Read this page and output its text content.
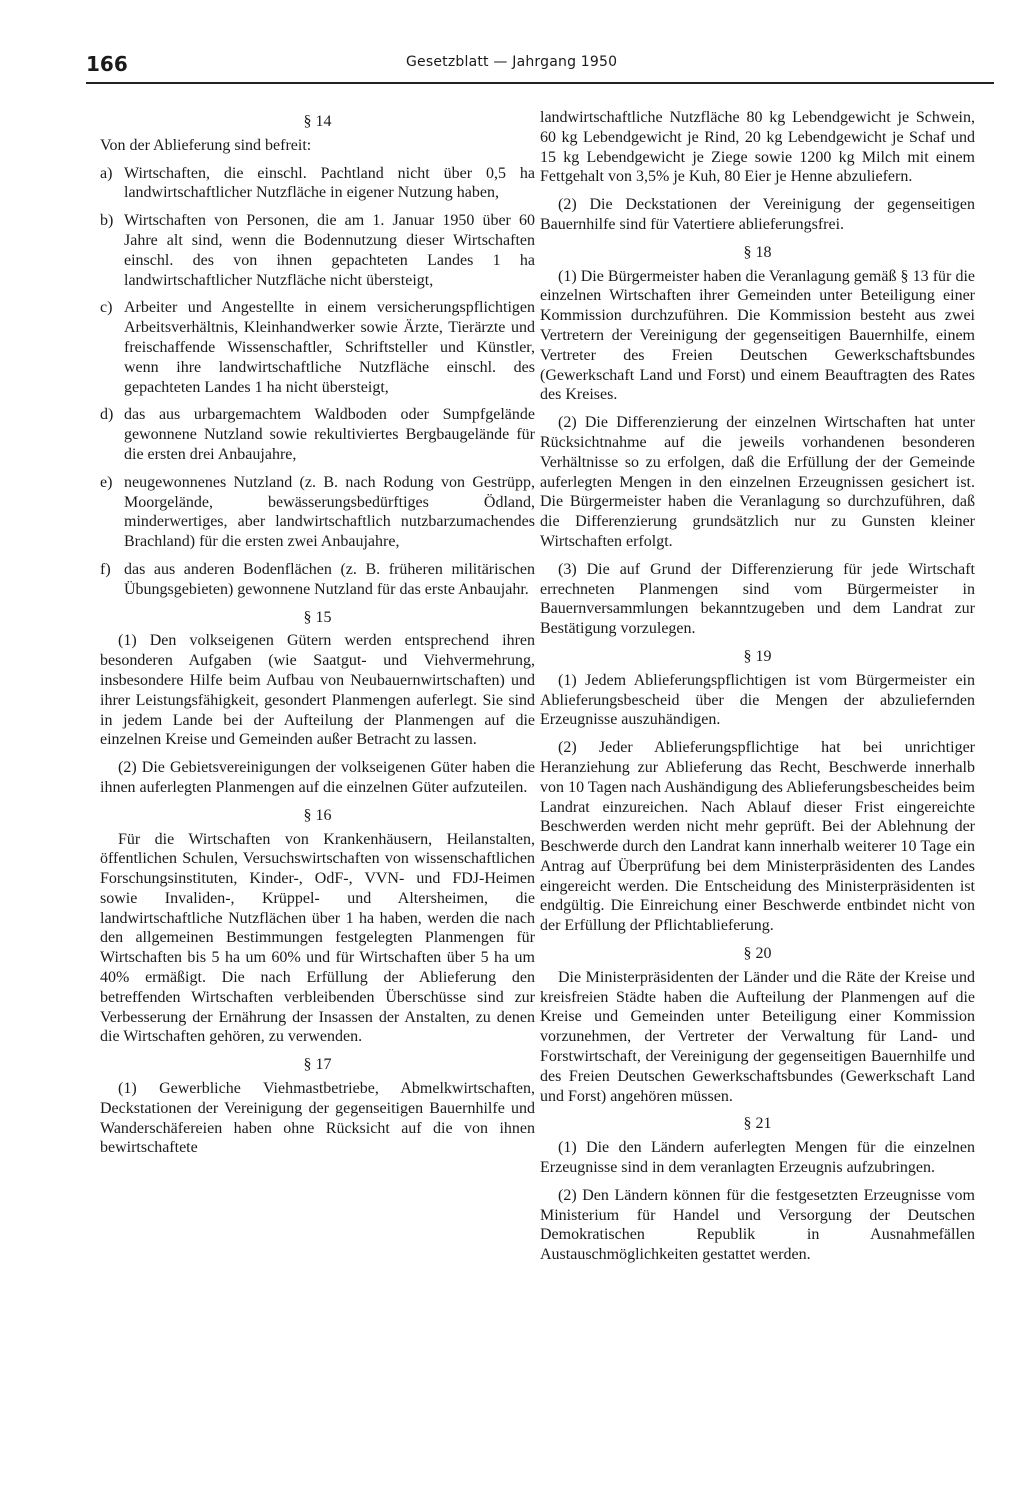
166	Gesetzblatt — Jahrgang 1950
§ 14
Von der Ablieferung sind befreit:
a) Wirtschaften, die einschl. Pachtland nicht über 0,5 ha landwirtschaftlicher Nutzfläche in eigener Nutzung haben,
b) Wirtschaften von Personen, die am 1. Januar 1950 über 60 Jahre alt sind, wenn die Bodennutzung dieser Wirtschaften einschl. des von ihnen gepachteten Landes 1 ha landwirtschaftlicher Nutzfläche nicht übersteigt,
c) Arbeiter und Angestellte in einem versicherungspflichtigen Arbeitsverhältnis, Kleinhandwerker sowie Ärzte, Tierärzte und freischaffende Wissenschaftler, Schriftsteller und Künstler, wenn ihre landwirtschaftliche Nutzfläche einschl. des gepachteten Landes 1 ha nicht übersteigt,
d) das aus urbargemachtem Waldboden oder Sumpfgelände gewonnene Nutzland sowie rekultiviertes Bergbaugelände für die ersten drei Anbaujahre,
e) neugewonnenes Nutzland (z. B. nach Rodung von Gestrüpp, Moorgelände, bewässerungsbedürftiges Ödland, minderwertiges, aber landwirtschaftlich nutzbarzumachendes Brachland) für die ersten zwei Anbaujahre,
f) das aus anderen Bodenflächen (z. B. früheren militärischen Übungsgebieten) gewonnene Nutzland für das erste Anbaujahr.
§ 15
(1) Den volkseigenen Gütern werden entsprechend ihren besonderen Aufgaben (wie Saatgut- und Viehvermehrung, insbesondere Hilfe beim Aufbau von Neubauernwirtschaften) und ihrer Leistungsfähigkeit, gesondert Planmengen auferlegt. Sie sind in jedem Lande bei der Aufteilung der Planmengen auf die einzelnen Kreise und Gemeinden außer Betracht zu lassen.
(2) Die Gebietsvereinigungen der volkseigenen Güter haben die ihnen auferlegten Planmengen auf die einzelnen Güter aufzuteilen.
§ 16
Für die Wirtschaften von Krankenhäusern, Heilanstalten, öffentlichen Schulen, Versuchswirtschaften von wissenschaftlichen Forschungsinstituten, Kinder-, OdF-, VVN- und FDJ-Heimen sowie Invaliden-, Krüppel- und Altersheimen, die landwirtschaftliche Nutzflächen über 1 ha haben, werden die nach den allgemeinen Bestimmungen festgelegten Planmengen für Wirtschaften bis 5 ha um 60% und für Wirtschaften über 5 ha um 40% ermäßigt. Die nach Erfüllung der Ablieferung den betreffenden Wirtschaften verbleibenden Überschüsse sind zur Verbesserung der Ernährung der Insassen der Anstalten, zu denen die Wirtschaften gehören, zu verwenden.
§ 17
(1) Gewerbliche Viehmastbetriebe, Abmelkwirtschaften, Deckstationen der Vereinigung der gegenseitigen Bauernhilfe und Wanderschäfereien haben ohne Rücksicht auf die von ihnen bewirtschaftete
landwirtschaftliche Nutzfläche 80 kg Lebendgewicht je Schwein, 60 kg Lebendgewicht je Rind, 20 kg Lebendgewicht je Schaf und 15 kg Lebendgewicht je Ziege sowie 1200 kg Milch mit einem Fettgehalt von 3,5% je Kuh, 80 Eier je Henne abzuliefern.
(2) Die Deckstationen der Vereinigung der gegenseitigen Bauernhilfe sind für Vatertiere ablieferungsfrei.
§ 18
(1) Die Bürgermeister haben die Veranlagung gemäß § 13 für die einzelnen Wirtschaften ihrer Gemeinden unter Beteiligung einer Kommission durchzuführen. Die Kommission besteht aus zwei Vertretern der Vereinigung der gegenseitigen Bauernhilfe, einem Vertreter des Freien Deutschen Gewerkschaftsbundes (Gewerkschaft Land und Forst) und einem Beauftragten des Rates des Kreises.
(2) Die Differenzierung der einzelnen Wirtschaften hat unter Rücksichtnahme auf die jeweils vorhandenen besonderen Verhältnisse so zu erfolgen, daß die Erfüllung der der Gemeinde auferlegten Mengen in den einzelnen Erzeugnissen gesichert ist. Die Bürgermeister haben die Veranlagung so durchzuführen, daß die Differenzierung grundsätzlich nur zu Gunsten kleiner Wirtschaften erfolgt.
(3) Die auf Grund der Differenzierung für jede Wirtschaft errechneten Planmengen sind vom Bürgermeister in Bauernversammlungen bekanntzugeben und dem Landrat zur Bestätigung vorzulegen.
§ 19
(1) Jedem Ablieferungspflichtigen ist vom Bürgermeister ein Ablieferungsbescheid über die Mengen der abzuliefernden Erzeugnisse auszuhändigen.
(2) Jeder Ablieferungspflichtige hat bei unrichtiger Heranziehung zur Ablieferung das Recht, Beschwerde innerhalb von 10 Tagen nach Aushändigung des Ablieferungsbescheides beim Landrat einzureichen. Nach Ablauf dieser Frist eingereichte Beschwerden werden nicht mehr geprüft. Bei der Ablehnung der Beschwerde durch den Landrat kann innerhalb weiterer 10 Tage ein Antrag auf Überprüfung bei dem Ministerpräsidenten des Landes eingereicht werden. Die Entscheidung des Ministerpräsidenten ist endgültig. Die Einreichung einer Beschwerde entbindet nicht von der Erfüllung der Pflichtablieferung.
§ 20
Die Ministerpräsidenten der Länder und die Räte der Kreise und kreisfreien Städte haben die Aufteilung der Planmengen auf die Kreise und Gemeinden unter Beteiligung einer Kommission vorzunehmen, der Vertreter der Verwaltung für Land- und Forstwirtschaft, der Vereinigung der gegenseitigen Bauernhilfe und des Freien Deutschen Gewerkschaftsbundes (Gewerkschaft Land und Forst) angehören müssen.
§ 21
(1) Die den Ländern auferlegten Mengen für die einzelnen Erzeugnisse sind in dem veranlagten Erzeugnis aufzubringen.
(2) Den Ländern können für die festgesetzten Erzeugnisse vom Ministerium für Handel und Versorgung der Deutschen Demokratischen Republik in Ausnahmefällen Austauschmöglichkeiten gestattet werden.
